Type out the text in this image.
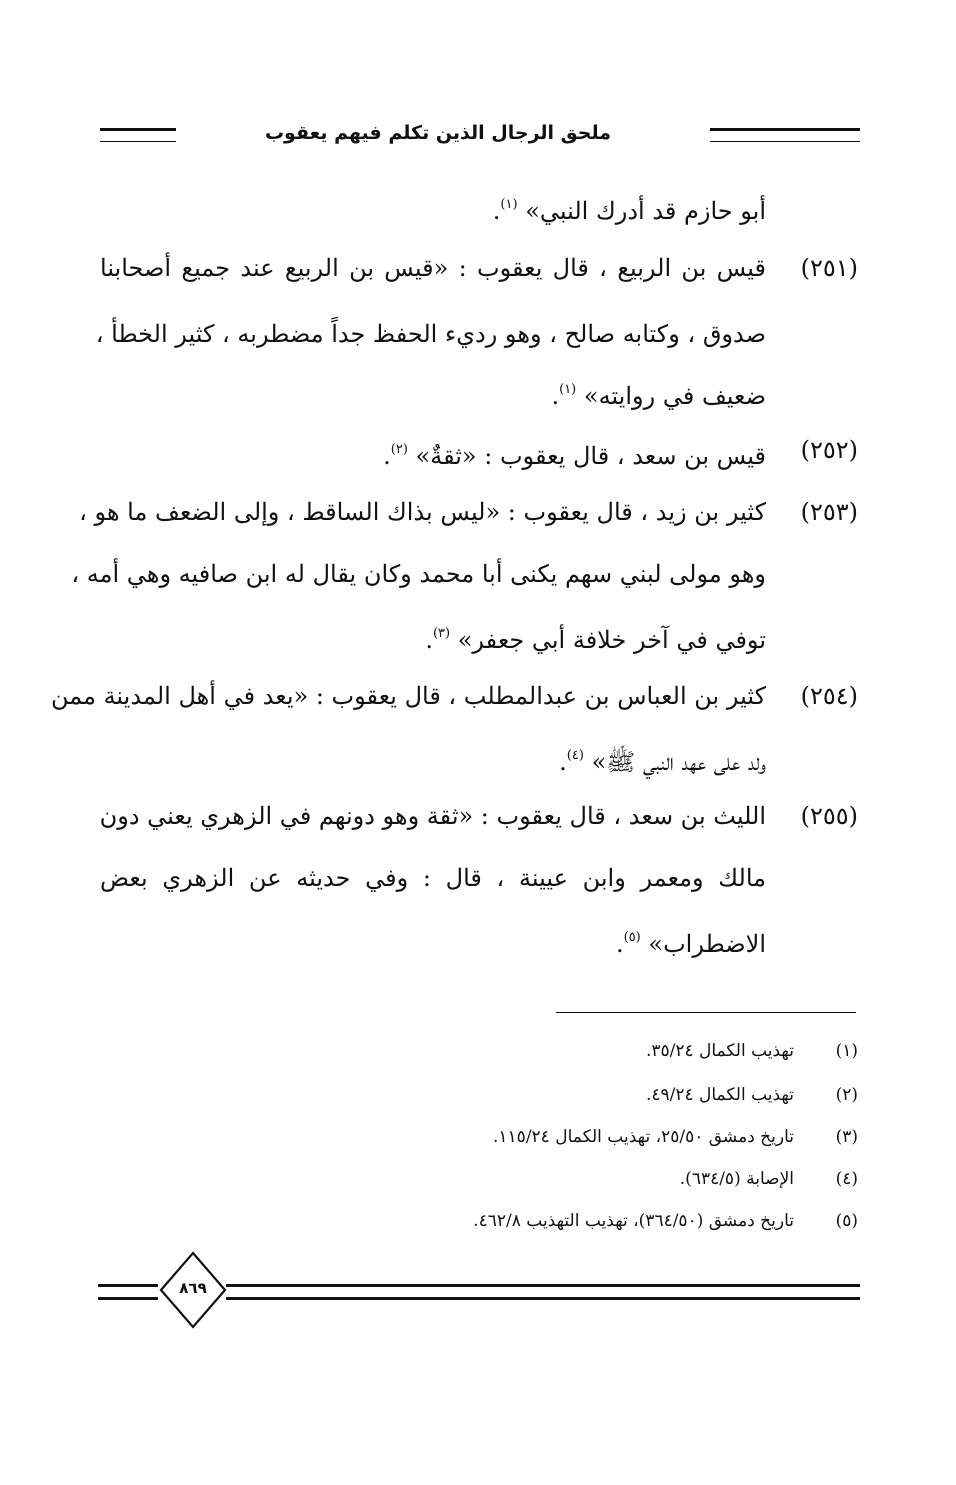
ملحق الرجال الذين تكلم فيهم يعقوب
أبو حازم قد أدرك النبي» $^{(١)}$.
(٢٥١)
قيس بن الربيع ، قال يعقوب : «قيس بن الربيع عند جميع أصحابنا
صدوق ، وكتابه صالح ، وهو رديء الحفظ جداً مضطربه ، كثير الخطأ ،
ضعيف في روايته» $^{(١)}$.
(٢٥٢)
قيس بن سعد ، قال يعقوب : «ثقةٌ» $^{(٢)}$.
(٢٥٣)
كثير بن زيد ، قال يعقوب : «ليس بذاك الساقط ، وإلى الضعف ما هو ،
وهو مولى لبني سهم يكنى أبا محمد وكان يقال له ابن صافيه وهي أمه ،
توفي في آخر خلافة أبي جعفر» $^{(٣)}$.
(٢٥٤)
كثير بن العباس بن عبدالمطلب ، قال يعقوب : «يعد في أهل المدينة ممن
ولد على عهد النبي ﷺ» $^{(٤)}$.
(٢٥٥)
الليث بن سعد ، قال يعقوب : «ثقة وهو دونهم في الزهري يعني دون
مالك ومعمر وابن عيينة ، قال : وفي حديثه عن الزهري بعض
الاضطراب» $^{(٥)}$.
(١)
تهذيب الكمال ٣٥/٢٤.
(٢)
تهذيب الكمال ٤٩/٢٤.
(٣)
تاريخ دمشق ٢٥/٥٠، تهذيب الكمال ١١٥/٢٤.
(٤)
الإصابة (٦٣٤/٥).
(٥)
تاريخ دمشق (٣٦٤/٥٠)، تهذيب التهذيب ٤٦٢/٨.
٨٦٩
